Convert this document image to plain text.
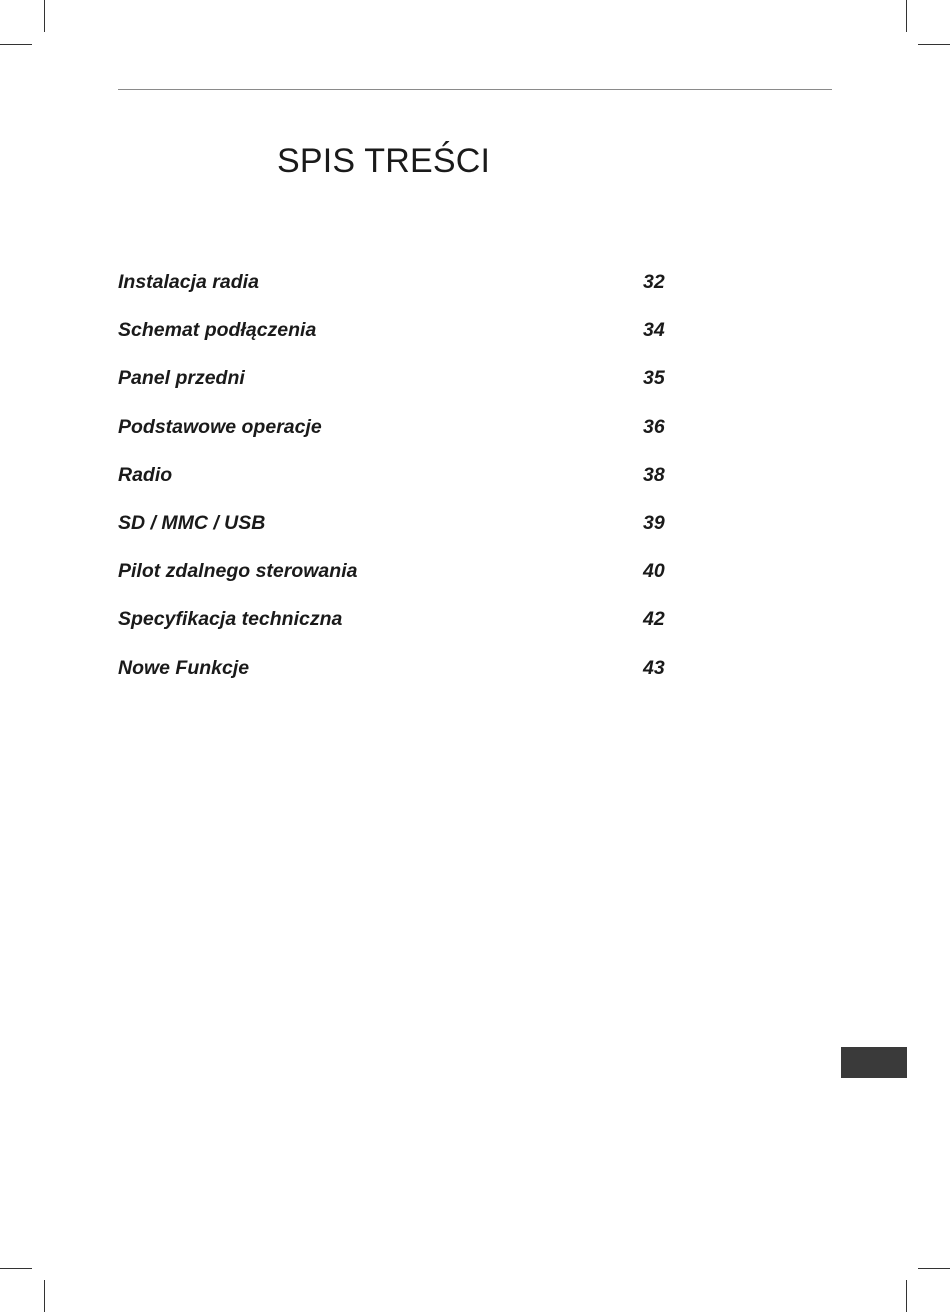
SPIS TREŚCI
Instalacja radia	32
Schemat podłączenia	34
Panel przedni	35
Podstawowe operacje	36
Radio	38
SD / MMC / USB	39
Pilot zdalnego sterowania	40
Specyfikacja techniczna	42
Nowe Funkcje	43
